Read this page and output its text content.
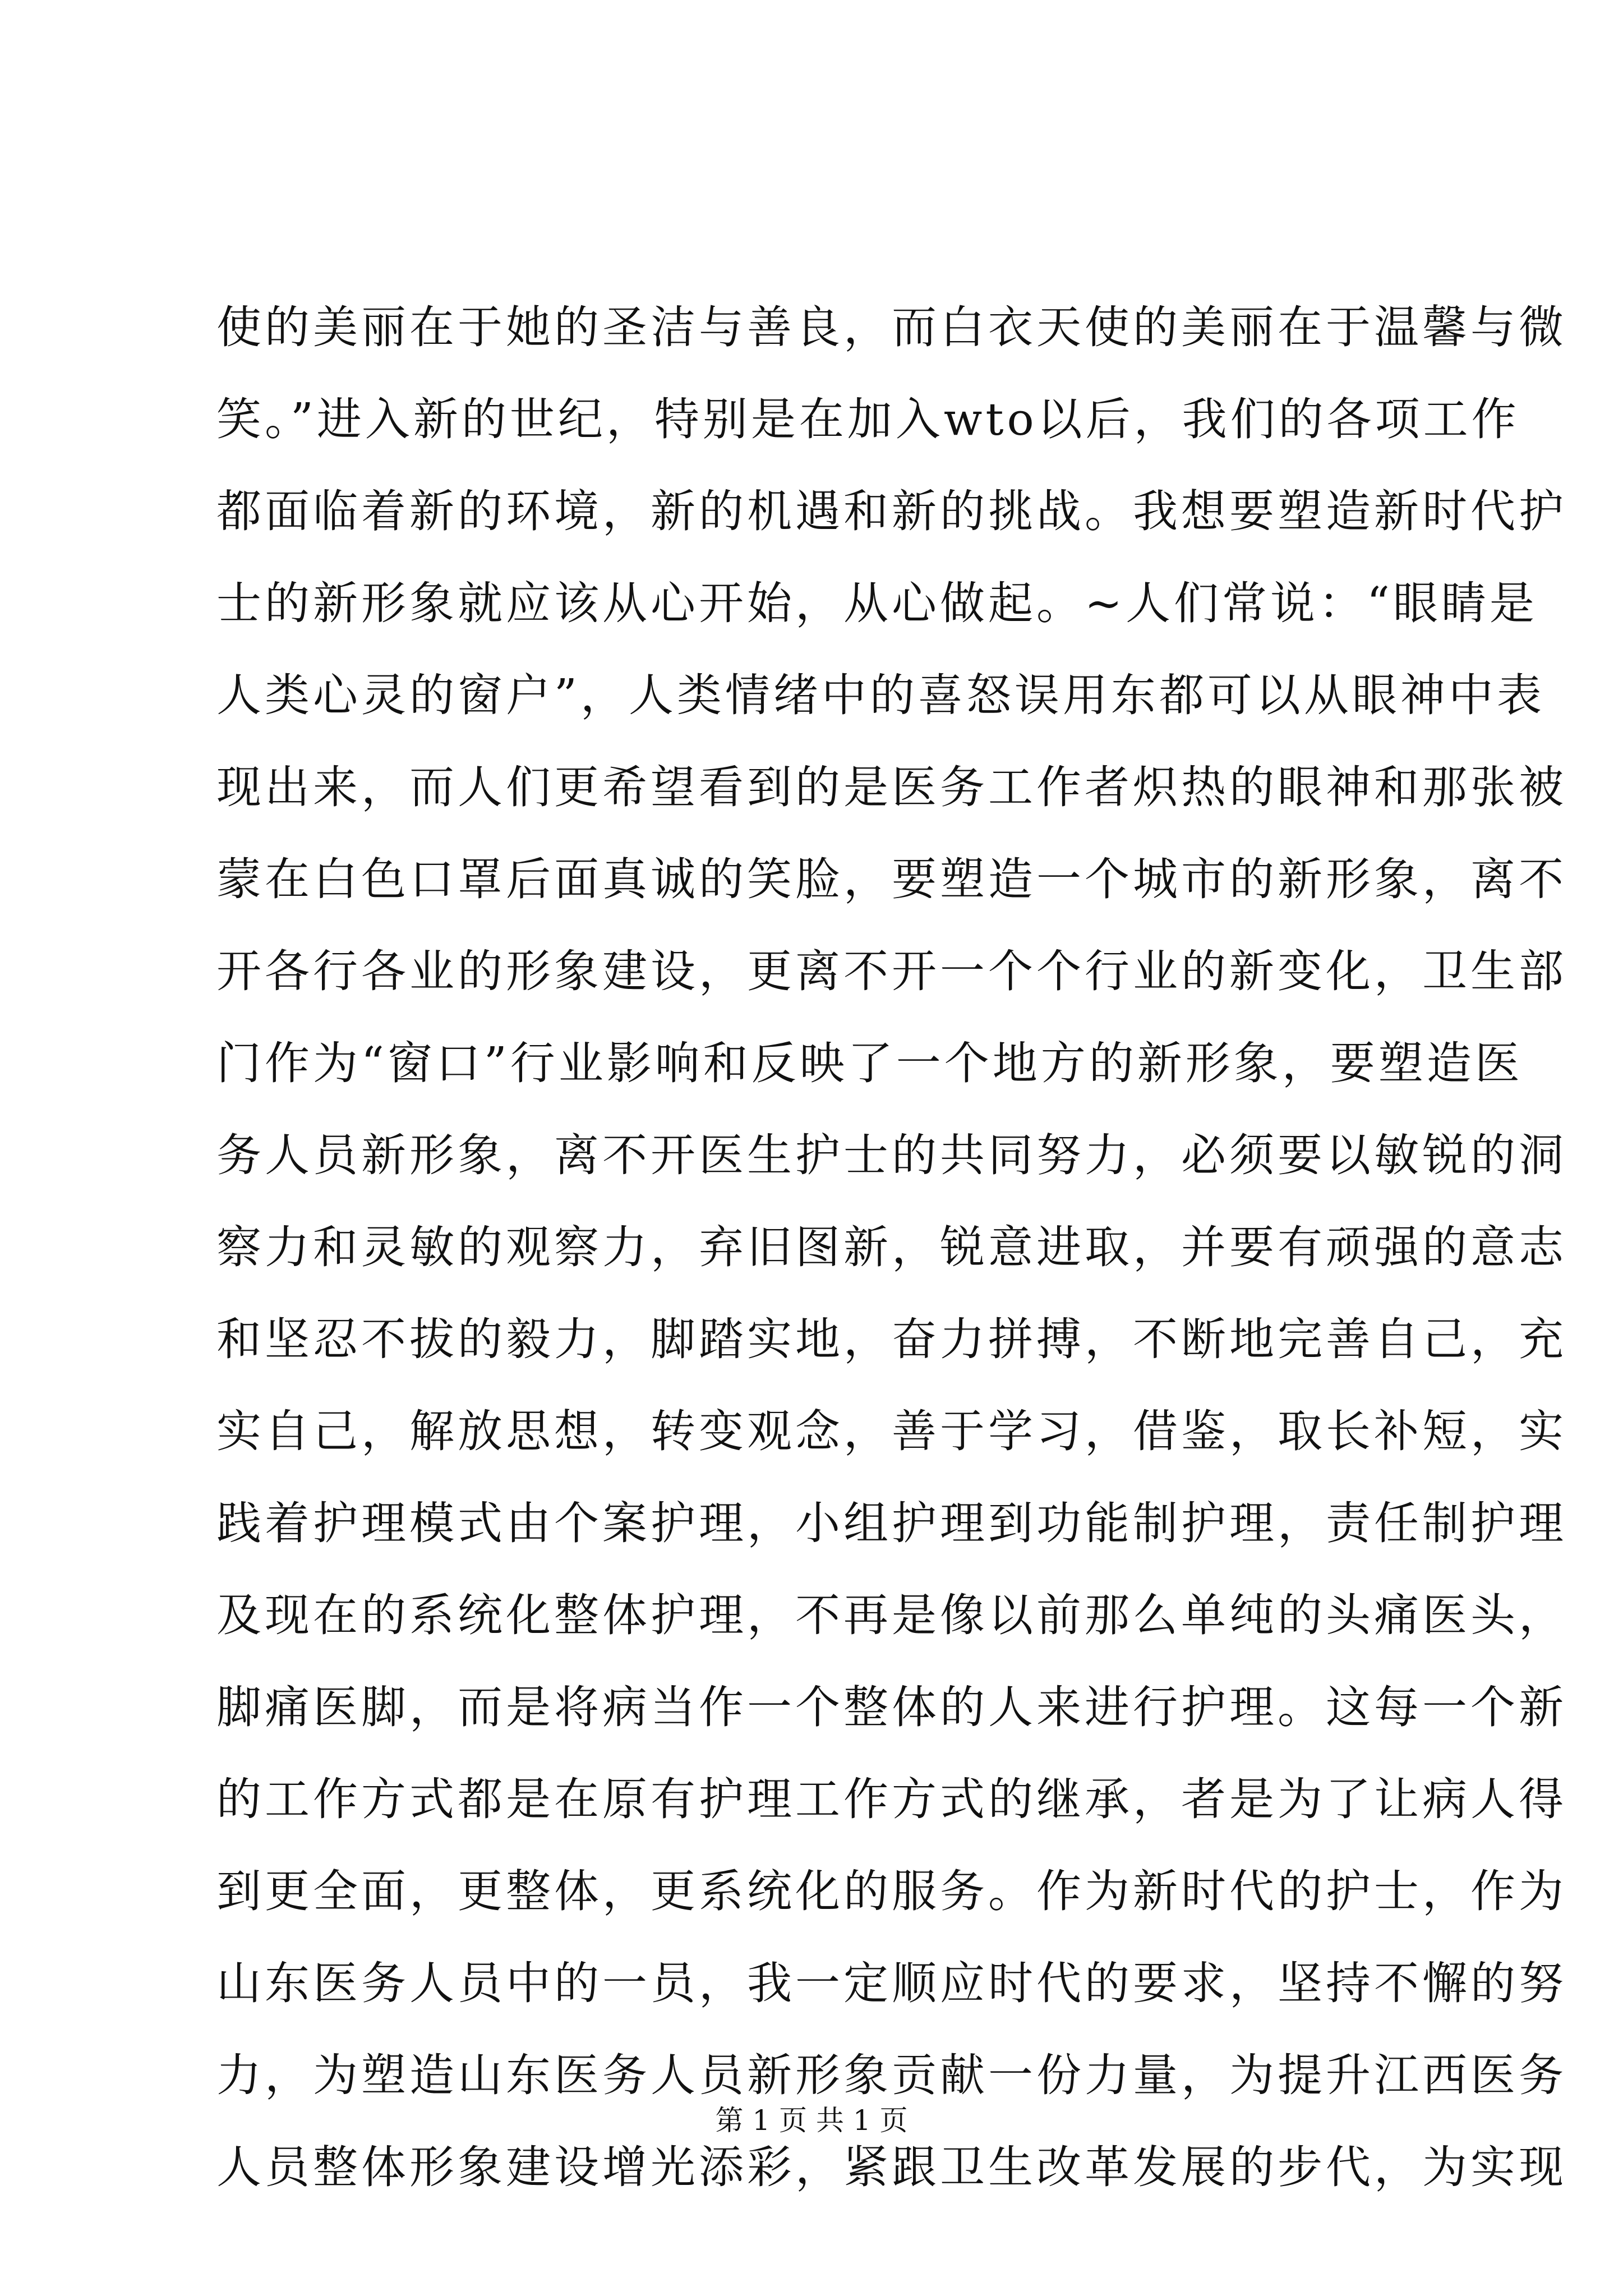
使的美丽在于她的圣洁与善良，而白衣天使的美丽在于温馨与微
笑。”进入新的世纪，特别是在加入wto以后，我们的各项工作
都面临着新的环境，新的机遇和新的挑战。我想要塑造新时代护
士的新形象就应该从心开始，从心做起。~人们常说：“眼睛是
人类心灵的窗户”，人类情绪中的喜怒误用东都可以从眼神中表
现出来，而人们更希望看到的是医务工作者炽热的眼神和那张被
蒙在白色口罩后面真诚的笑脸，要塑造一个城市的新形象，离不
开各行各业的形象建设，更离不开一个个行业的新变化，卫生部
门作为“窗口”行业影响和反映了一个地方的新形象，要塑造医
务人员新形象，离不开医生护士的共同努力，必须要以敏锐的洞
察力和灵敏的观察力，弃旧图新，锐意进取，并要有顽强的意志
和坚忍不拔的毅力，脚踏实地，奋力拼搏，不断地完善自己，充
实自己，解放思想，转变观念，善于学习，借鉴，取长补短，实
践着护理模式由个案护理，小组护理到功能制护理，责任制护理
及现在的系统化整体护理，不再是像以前那么单纯的头痛医头，
脚痛医脚，而是将病当作一个整体的人来进行护理。这每一个新
的工作方式都是在原有护理工作方式的继承，者是为了让病人得
到更全面，更整体，更系统化的服务。作为新时代的护士，作为
山东医务人员中的一员，我一定顺应时代的要求，坚持不懈的努
力，为塑造山东医务人员新形象贡献一份力量，为提升江西医务
人员整体形象建设增光添彩，紧跟卫生改革发展的步代，为实现
第 1 页 共 1 页
